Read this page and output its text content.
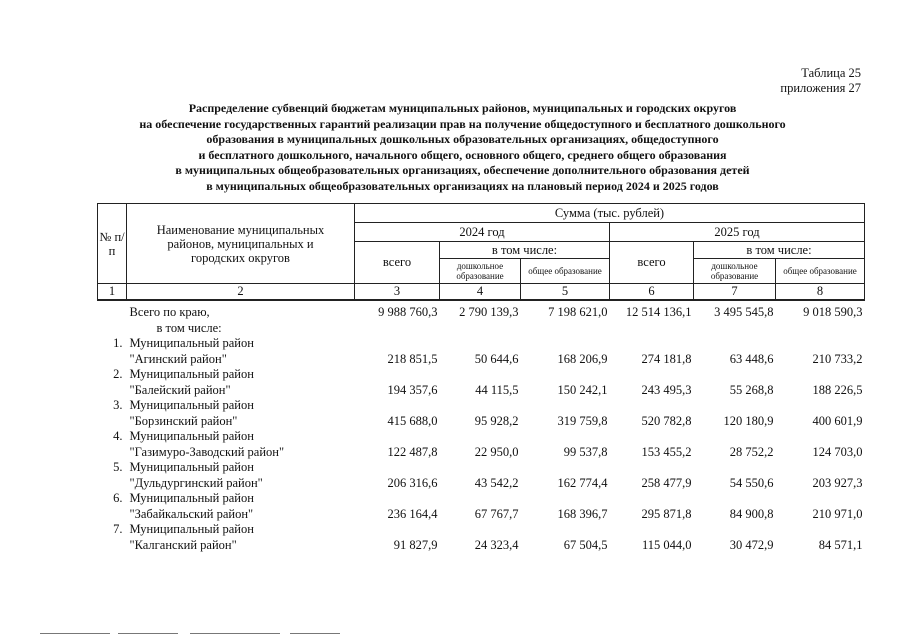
Таблица 25
приложения 27
Распределение субвенций бюджетам муниципальных районов, муниципальных и городских округов
на обеспечение государственных гарантий реализации прав на получение общедоступного и бесплатного дошкольного
образования в муниципальных дошкольных образовательных организациях, общедоступного
и бесплатного дошкольного, начального общего, основного общего, среднего общего образования
в муниципальных общеобразовательных организациях, обеспечение дополнительного образования детей
в муниципальных общеобразовательных организациях на плановый период 2024 и 2025 годов
№ п/п	Наименование муниципальных районов, муниципальных и городских округов	Сумма (тыс. рублей)					
		2024 год			2025 год		
		всего	в том числе:		всего	в том числе:	
			дошкольное образование	общее образование		дошкольное образование	общее образование
1	2	3	4	5	6	7	8
	Всего по краю,	9 988 760,3	2 790 139,3	7 198 621,0	12 514 136,1	3 495 545,8	9 018 590,3
	в том числе:						
1.	Муниципальный район
"Агинский район"	218 851,5	50 644,6	168 206,9	274 181,8	63 448,6	210 733,2
2.	Муниципальный район
"Балейский район"	194 357,6	44 115,5	150 242,1	243 495,3	55 268,8	188 226,5
3.	Муниципальный район
"Борзинский район"	415 688,0	95 928,2	319 759,8	520 782,8	120 180,9	400 601,9
4.	Муниципальный район
"Газимуро-Заводский район"	122 487,8	22 950,0	99 537,8	153 455,2	28 752,2	124 703,0
5.	Муниципальный район
"Дульдургинский район"	206 316,6	43 542,2	162 774,4	258 477,9	54 550,6	203 927,3
6.	Муниципальный район
"Забайкальский район"	236 164,4	67 767,7	168 396,7	295 871,8	84 900,8	210 971,0
7.	Муниципальный район
"Калганский район"	91 827,9	24 323,4	67 504,5	115 044,0	30 472,9	84 571,1
